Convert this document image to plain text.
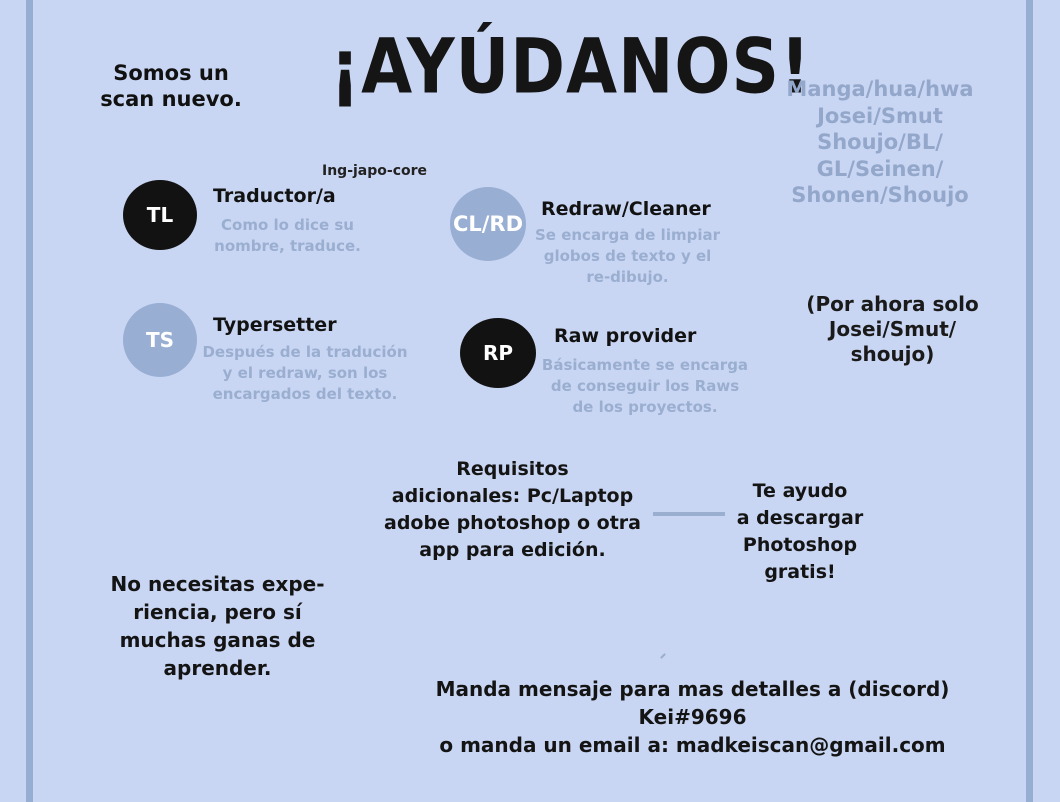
Somos un
scan nuevo. ¡AYÚDANOS!
Manga/hua/hwa
Josei/Smut
Shoujo/BL/
GL/Seinen/
Shonen/Shoujo
(Por ahora solo
Josei/Smut/
shoujo)
Ing-japo-core
TL
Traductor/a
Como lo dice su
nombre, traduce.
CL/RD
Redraw/Cleaner
Se encarga de limpiar
globos de texto y el
re-dibujo.
TS
Typersetter
Después de la tradución
y el redraw, son los
encargados del texto.
RP
Raw provider
Básicamente se encarga
de conseguir los Raws
de los proyectos.
Requisitos
adicionales: Pc/Laptop
adobe photoshop o otra
app para edición.
Te ayudo
a descargar
Photoshop
gratis!
No necesitas expe-
riencia, pero sí
muchas ganas de
aprender.
Manda mensaje para mas detalles a (discord) Kei#9696
o manda un email a: madkeiscan@gmail.com
